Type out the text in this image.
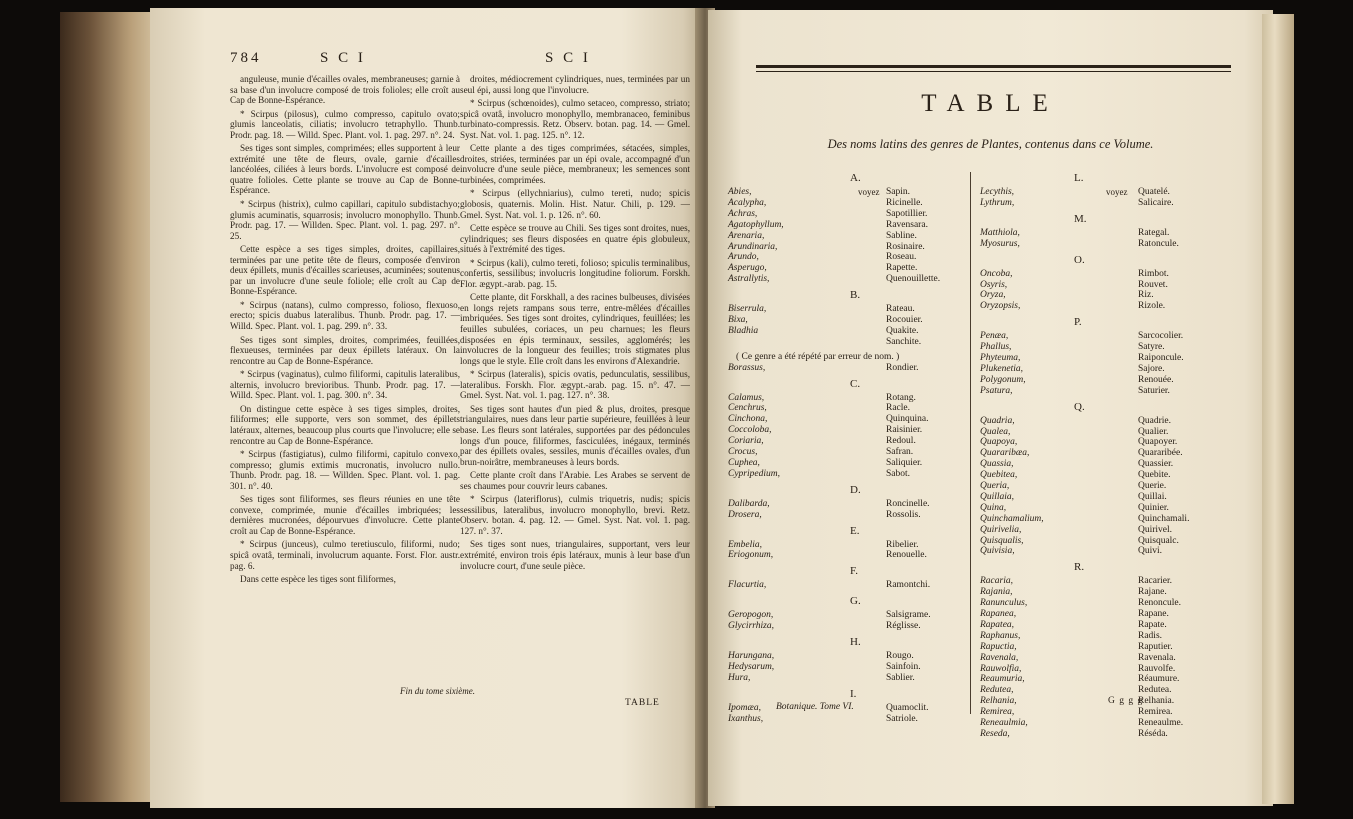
784	S C I	S C I

anguleuse, munie d'écailles ovales, membraneuses; garnie à sa base d'un involucre composé de trois folioles; elle croît au Cap de Bonne-Espérance.

* Scirpus (pilosus), culmo compresso, capitulo ovato; glumis lanceolatis, ciliatis; involucro tetraphyllo. Thunb. Prodr. pag. 18. — Willd. Spec. Plant. vol. 1. pag. 297. n°. 24.

Ses tiges sont simples, comprimées; elles supportent à leur extrémité une tête de fleurs, ovale, garnie d'écailles lancéolées, ciliées à leurs bords. L'involucre est composé de quatre folioles. Cette plante se trouve au Cap de Bonne-Espérance.

* Scirpus (histrix), culmo capillari, capitulo subdistachyo; glumis acuminatis, squarrosis; involucro monophyllo. Thunb. Prodr. pag. 17. — Willden. Spec. Plant. vol. 1. pag. 297. n°. 25.

Cette espèce a ses tiges simples, droites, capillaires, terminées par une petite tête de fleurs, composée d'environ deux épillets, munis d'écailles scarieuses, acuminées; soutenus par un involucre d'une seule foliole; elle croît au Cap de Bonne-Espérance.

* Scirpus (natans), culmo compresso, folioso, flexuoso, erecto; spicis duabus lateralibus. Thunb. Prodr. pag. 17. — Willd. Spec. Plant. vol. 1. pag. 299. n°. 33.

Ses tiges sont simples, droites, comprimées, feuillées, flexueuses, terminées par deux épillets latéraux. On la rencontre au Cap de Bonne-Espérance.

* Scirpus (vaginatus), culmo filiformi, capitulis lateralibus, alternis, involucro brevioribus. Thunb. Prodr. pag. 17. — Willd. Spec. Plant. vol. 1. pag. 300. n°. 34.

On distingue cette espèce à ses tiges simples, droites, filiformes; elle supporte, vers son sommet, des épillets latéraux, alternes, beaucoup plus courts que l'involucre; elle se rencontre au Cap de Bonne-Espérance.

* Scirpus (fastigiatus), culmo filiformi, capitulo convexo, compresso; glumis extimis mucronatis, involucro nullo. Thunb. Prodr. pag. 18. — Willden. Spec. Plant. vol. 1. pag. 301. n°. 40.

Ses tiges sont filiformes, ses fleurs réunies en une tête convexe, comprimée, munie d'écailles imbriquées; les dernières mucronées, dépourvues d'involucre. Cette plante croît au Cap de Bonne-Espérance.

* Scirpus (junceus), culmo teretiusculo, filiformi, nudo; spicâ ovatâ, terminali, involucrum aquante. Forst. Flor. austr. pag. 6.

Dans cette espèce les tiges sont filiformes,

droites, médiocrement cylindriques, nues, terminées par un seul épi, aussi long que l'involucre.

* Scirpus (schœnoides), culmo setaceo, compresso, striato; spicâ ovatâ, involucro monophyllo, membranaceo, feminibus turbinato-compressis. Retz. Observ. botan. pag. 14. — Gmel. Syst. Nat. vol. 1. pag. 125. n°. 12.

Cette plante a des tiges comprimées, sétacées, simples, droites, striées, terminées par un épi ovale, accompagné d'un involucre d'une seule pièce, membraneux; les semences sont turbinées, comprimées.

* Scirpus (ellychniarius), culmo tereti, nudo; spicis globosis, quaternis. Molin. Hist. Natur. Chili, p. 129. — Gmel. Syst. Nat. vol. 1. p. 126. n°. 60.

Cette espèce se trouve au Chili. Ses tiges sont droites, nues, cylindriques; ses fleurs disposées en quatre épis globuleux, situés à l'extrémité des tiges.

* Scirpus (kali), culmo tereti, folioso; spiculis terminalibus, confertis, sessilibus; involucris longitudine foliorum. Forskh. Flor. ægypt.-arab. pag. 15.

Cette plante, dit Forskhall, a des racines bulbeuses, divisées en longs rejets rampans sous terre, entre-mêlées d'écailles imbriquées. Ses tiges sont droites, cylindriques, feuillées; les feuilles subulées, coriaces, un peu charnues; les fleurs disposées en épis terminaux, sessiles, agglomérés; les involucres de la longueur des feuilles; trois stigmates plus longs que le style. Elle croît dans les environs d'Alexandrie.

* Scirpus (lateralis), spicis ovatis, pedunculatis, sessilibus, lateralibus. Forskh. Flor. ægypt.-arab. pag. 15. n°. 47. — Gmel. Syst. Nat. vol. 1. pag. 127. n°. 38.

Ses tiges sont hautes d'un pied & plus, droites, presque triangulaires, nues dans leur partie supérieure, feuillées à leur base. Les fleurs sont latérales, supportées par des pédoncules longs d'un pouce, filiformes, fasciculées, inégaux, terminés par des épillets ovales, sessiles, munis d'écailles ovales, d'un brun-noirâtre, membraneuses à leurs bords.

Cette plante croît dans l'Arabie. Les Arabes se servent de ses chaumes pour couvrir leurs cabanes.

* Scirpus (lateriflorus), culmis triquetris, nudis; spicis sessilibus, lateralibus, involucro monophyllo, brevi. Retz. Observ. botan. 4. pag. 12. — Gmel. Syst. Nat. vol. 1. pag. 127. n°. 37.

Ses tiges sont nues, triangulaires, supportant, vers leur extrémité, environ trois épis latéraux, munis à leur base d'un involucre court, d'une seule pièce.

Fin du tome sixième.
TABLE
TABLE
Des noms latins des genres de Plantes, contenus dans ce Volume.
Botanique. Tome VI.
G g g g
A.
voyez
Abies,	Sapin.
Acalypha,	Ricinelle.
Achras,	Sapotillier.
Agatophyllum,	Ravensara.
Arenaria,	Sabline.
Arundinaria,	Rosinaire.
Arundo,	Roseau.
Asperugo,	Rapette.
Astrallytis,	Quenouillette.
B.
Biserrula,	Rateau.
Bixa,	Rocouier.
Bladhia	Quakite.
Sanchite.
( Ce genre a été répété par erreur de nom. )
Borassus,	Rondier.
C.
Calamus,	Rotang.
Cenchrus,	Racle.
Cinchona,	Quinquina.
Coccoloba,	Raisinier.
Coriaria,	Redoul.
Crocus,	Safran.
Cuphea,	Saliquier.
Cypripedium,	Sabot.
D.
Dalibarda,	Roncinelle.
Drosera,	Rossolis.
E.
Embelia,	Ribelier.
Eriogonum,	Renouelle.
F.
Flacurtia,	Ramontchi.
G.
Geropogon,	Salsigrame.
Glycirrhiza,	Réglisse.
H.
Harungana,	Rougo.
Hedysarum,	Sainfoin.
Hura,	Sablier.
I.
Ipomæa,	Quamoclit.
Ixanthus,	Satriole.
L.
voyez
Lecythis,	Quatelé.
Lythrum,	Salicaire.
M.
Matthiola,	Rategal.
Myosurus,	Ratoncule.
O.
Oncoba,	Rimbot.
Osyris,	Rouvet.
Oryza,	Riz.
Oryzopsis,	Rizole.
P.
Penæa,	Sarcocolier.
Phallus,	Satyre.
Phyteuma,	Raiponcule.
Plukenetia,	Sajore.
Polygonum,	Renouée.
Psatura,	Saturier.
Q.
Quadria,	Quadrie.
Qualea,	Qualier.
Quapoya,	Quapoyer.
Quararibæa,	Quararibée.
Quassia,	Quassier.
Quebitea,	Quebite.
Queria,	Querie.
Quillaia,	Quillai.
Quina,	Quinier.
Quinchamalium,	Quinchamali.
Quirivelia,	Quirivel.
Quisqualis,	Quisqualc.
Quivisia,	Quivi.
R.
Racaria,	Racarier.
Rajania,	Rajane.
Ranunculus,	Renoncule.
Rapanea,	Rapane.
Rapatea,	Rapate.
Raphanus,	Radis.
Rapuctia,	Raputier.
Ravenala,	Ravenala.
Rauwolfia,	Rauvolfe.
Reaumuria,	Réaumure.
Redutea,	Redutea.
Relhania,	Relhania.
Remirea,	Remirea.
Reneaulmia,	Reneaulme.
Reseda,	Réséda.
